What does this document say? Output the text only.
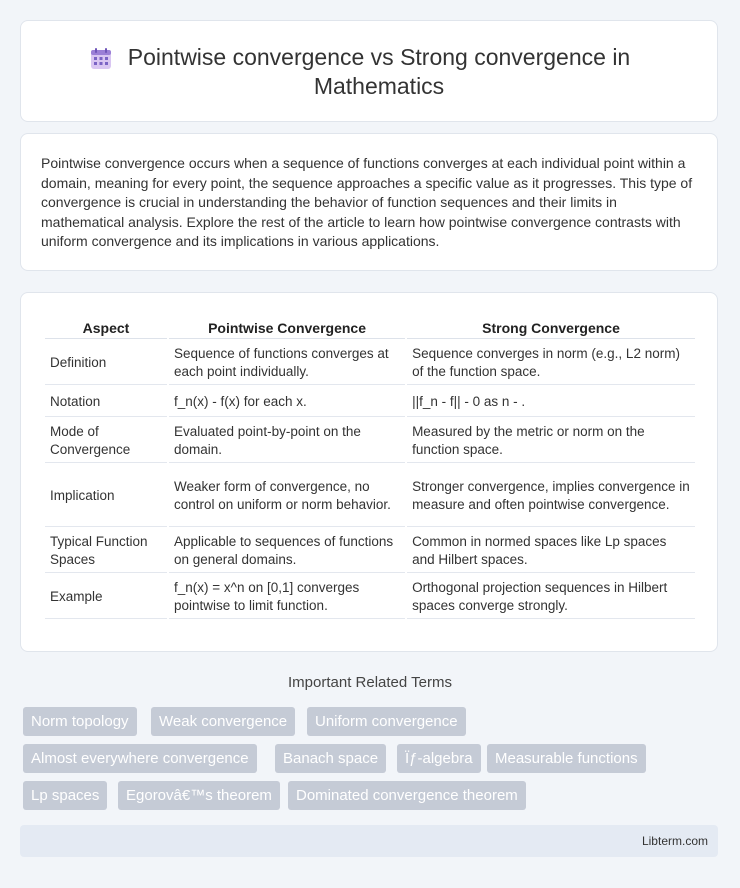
Pointwise convergence vs Strong convergence in
Mathematics
Pointwise convergence occurs when a sequence of functions converges at each individual point within a domain, meaning for every point, the sequence approaches a specific value as it progresses. This type of convergence is crucial in understanding the behavior of function sequences and their limits in mathematical analysis. Explore the rest of the article to learn how pointwise convergence contrasts with uniform convergence and its implications in various applications.
Aspect	Pointwise Convergence	Strong Convergence
Definition	Sequence of functions converges at each point individually.	Sequence converges in norm (e.g., L2 norm) of the function space.
Notation	f_n(x) - f(x) for each x.	||f_n - f|| - 0 as n - .
Mode of Convergence	Evaluated point-by-point on the domain.	Measured by the metric or norm on the function space.
Implication	Weaker form of convergence, no control on uniform or norm behavior.	Stronger convergence, implies convergence in measure and often pointwise convergence.
Typical Function Spaces	Applicable to sequences of functions on general domains.	Common in normed spaces like Lp spaces and Hilbert spaces.
Example	f_n(x) = x^n on [0,1] converges pointwise to limit function.	Orthogonal projection sequences in Hilbert spaces converge strongly.
Important Related Terms
Norm topology	Weak convergence	Uniform convergence
Almost everywhere convergence	Banach space	Ïƒ-algebra	Measurable functions
Lp spaces	Egorovâ€™s theorem	Dominated convergence theorem
Libterm.com
